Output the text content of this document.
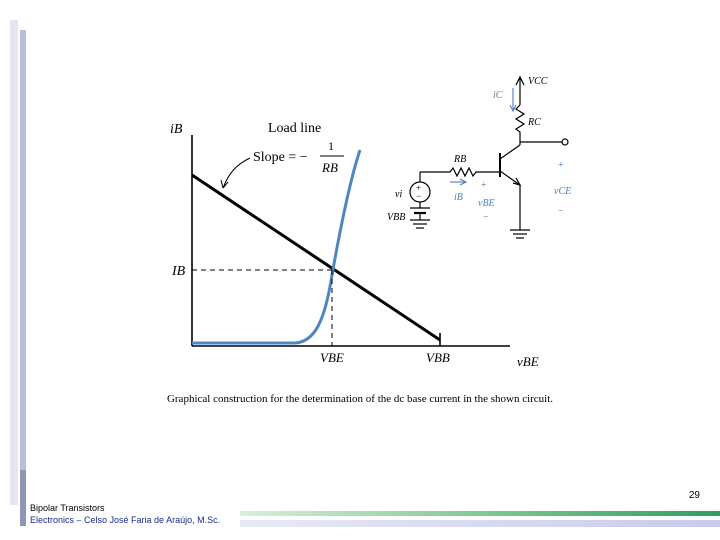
iB
vBE
IB
VBE	VBB
Load line
Slope = −
1
RB
+
−
VCC
iC
RC
RB
iB
vi
VBB
+
vBE
−
+
vCE
−
Graphical construction for the determination of the dc base current in the shown circuit.
29
Bipolar Transistors
Electronics – Celso José Faria de Araújo, M.Sc.
